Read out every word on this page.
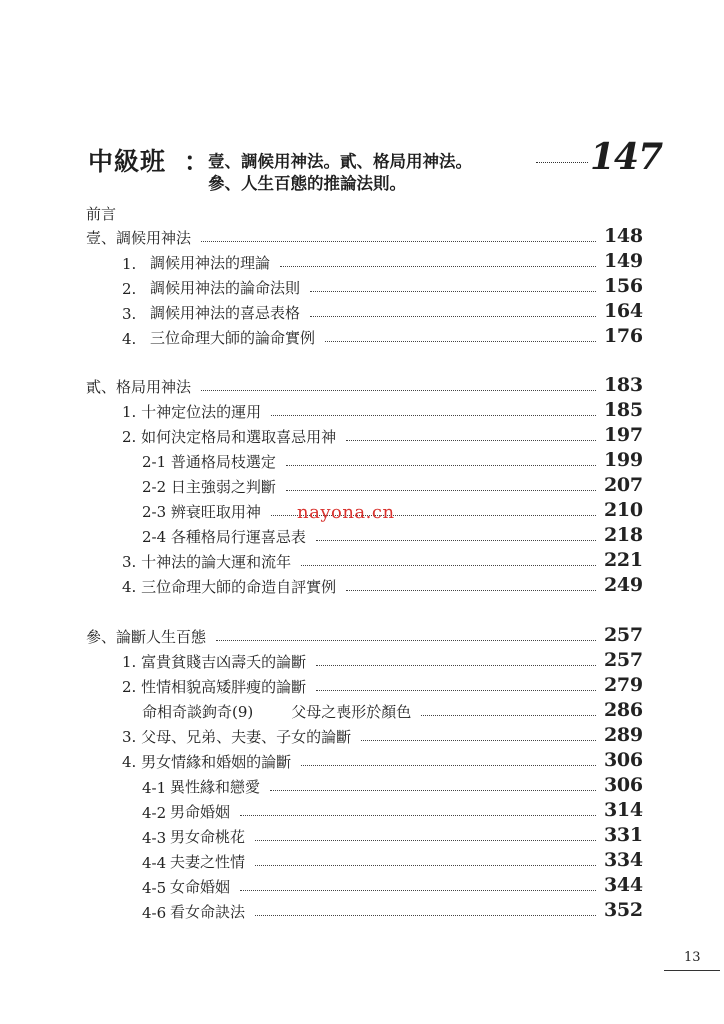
中級班 ：
壹、調候用神法。貳、格局用神法。
參、人生百態的推論法則。
147
前言
壹、調候用神法	148
1. 調候用神法的理論	149
2. 調候用神法的論命法則	156
3. 調候用神法的喜忌表格	164
4. 三位命理大師的論命實例	176
貳、格局用神法	183
1. 十神定位法的運用	185
2. 如何決定格局和選取喜忌用神	197
2-1 普通格局枝選定	199
2-2 日主強弱之判斷	207
2-3 辨衰旺取用神	210
2-4 各種格局行運喜忌表	218
3. 十神法的論大運和流年	221
4. 三位命理大師的命造自評實例	249
參、論斷人生百態	257
1. 富貴貧賤吉凶壽夭的論斷	257
2. 性情相貌高矮胖瘦的論斷	279
命相奇談鉤奇(9)	父母之喪形於顏色	286
3. 父母、兄弟、夫妻、子女的論斷	289
4. 男女情緣和婚姻的論斷	306
4-1 異性緣和戀愛	306
4-2 男命婚姻	314
4-3 男女命桃花	331
4-4 夫妻之性情	334
4-5 女命婚姻	344
4-6 看女命訣法	352
nayona.cn
13
